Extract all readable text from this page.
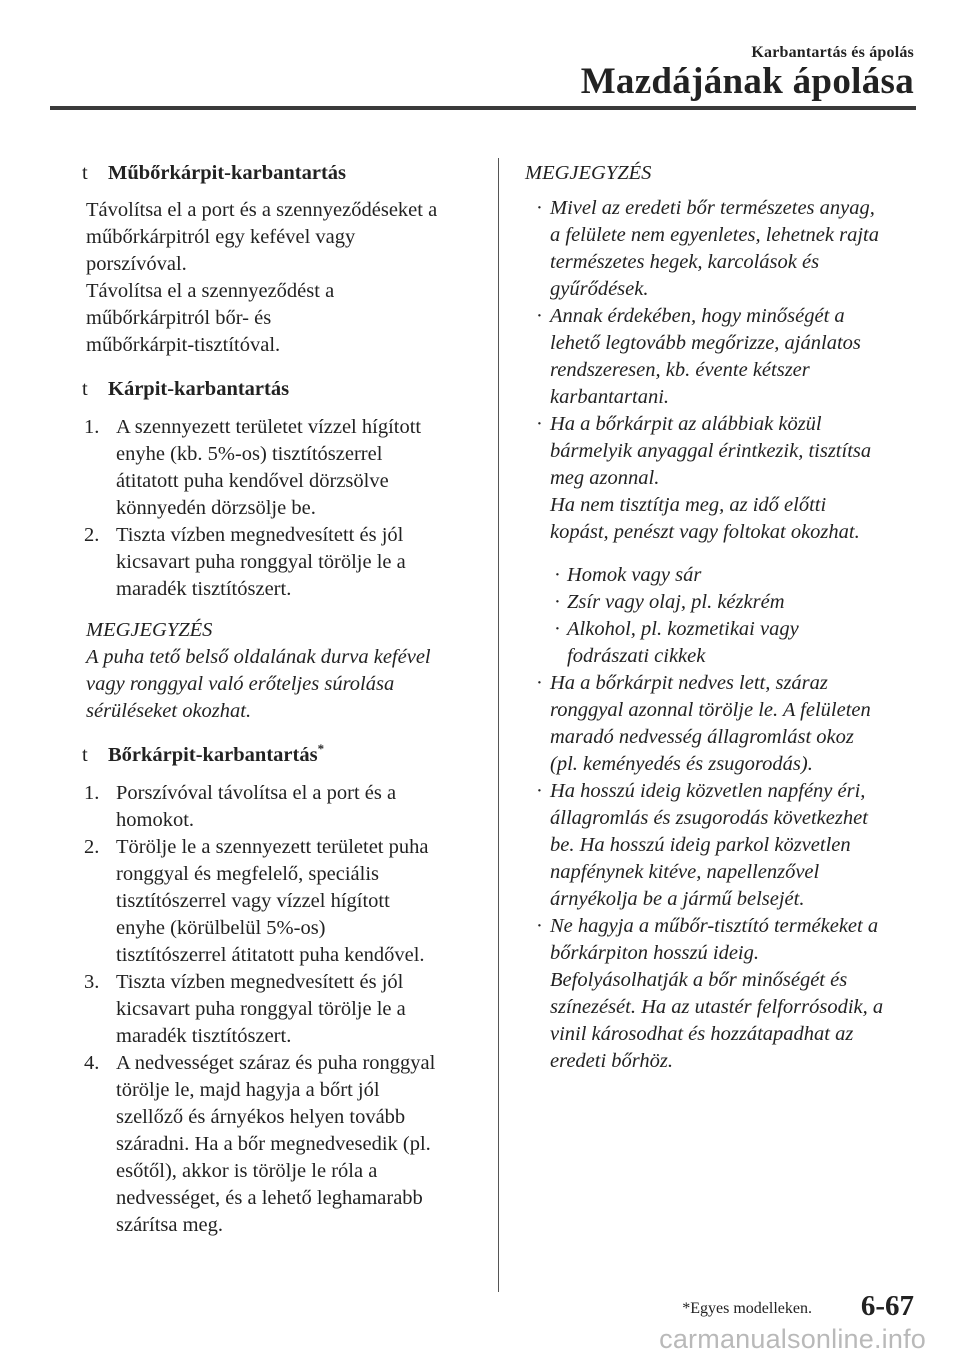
Karbantartás és ápolás
Mazdájának ápolása
t Műbőrkárpit-karbantartás

Távolítsa el a port és a szennyeződéseket a
műbőrkárpitról egy kefével vagy
porszívóval.
Távolítsa el a szennyeződést a
műbőrkárpitról bőr- és
műbőrkárpit-tisztítóval.

t Kárpit-karbantartás
1. A szennyezett területet vízzel hígított
enyhe (kb. 5%-os) tisztítószerrel
átitatott puha kendővel dörzsölve
könnyedén dörzsölje be.
2. Tiszta vízben megnedvesített és jól
kicsavart puha ronggyal törölje le a
maradék tisztítószert.
MEGJEGYZÉS
A puha tető belső oldalának durva kefével
vagy ronggyal való erőteljes súrolása
sérüléseket okozhat.
t Bőrkárpit-karbantartás*
1. Porszívóval távolítsa el a port és a
homokot.
2. Törölje le a szennyezett területet puha
ronggyal és megfelelő, speciális
tisztítószerrel vagy vízzel hígított
enyhe (körülbelül 5%-os)
tisztítószerrel átitatott puha kendővel.
3. Tiszta vízben megnedvesített és jól
kicsavart puha ronggyal törölje le a
maradék tisztítószert.
4. A nedvességet száraz és puha ronggyal
törölje le, majd hagyja a bőrt jól
szellőző és árnyékos helyen tovább
száradni. Ha a bőr megnedvesedik (pl.
esőtől), akkor is törölje le róla a
nedvességet, és a lehető leghamarabb
szárítsa meg.
MEGJEGYZÉS
· Mivel az eredeti bőr természetes anyag,
a felülete nem egyenletes, lehetnek rajta
természetes hegek, karcolások és
gyűrődések.
· Annak érdekében, hogy minőségét a
lehető legtovább megőrizze, ajánlatos
rendszeresen, kb. évente kétszer
karbantartani.
· Ha a bőrkárpit az alábbiak közül
bármelyik anyaggal érintkezik, tisztítsa
meg azonnal.
Ha nem tisztítja meg, az idő előtti
kopást, penészt vagy foltokat okozhat.
· Homok vagy sár
· Zsír vagy olaj, pl. kézkrém
· Alkohol, pl. kozmetikai vagy
fodrászati cikkek
· Ha a bőrkárpit nedves lett, száraz
ronggyal azonnal törölje le. A felületen
maradó nedvesség állagromlást okoz
(pl. keményedés és zsugorodás).
· Ha hosszú ideig közvetlen napfény éri,
állagromlás és zsugorodás következhet
be. Ha hosszú ideig parkol közvetlen
napfénynek kitéve, napellenzővel
árnyékolja be a jármű belsejét.
· Ne hagyja a műbőr-tisztító termékeket a
bőrkárpiton hosszú ideig.
Befolyásolhatják a bőr minőségét és
színezését. Ha az utastér felforrósodik, a
vinil károsodhat és hozzátapadhat az
eredeti bőrhöz.
*Egyes modelleken. 6-67
carmanualsonline.info
